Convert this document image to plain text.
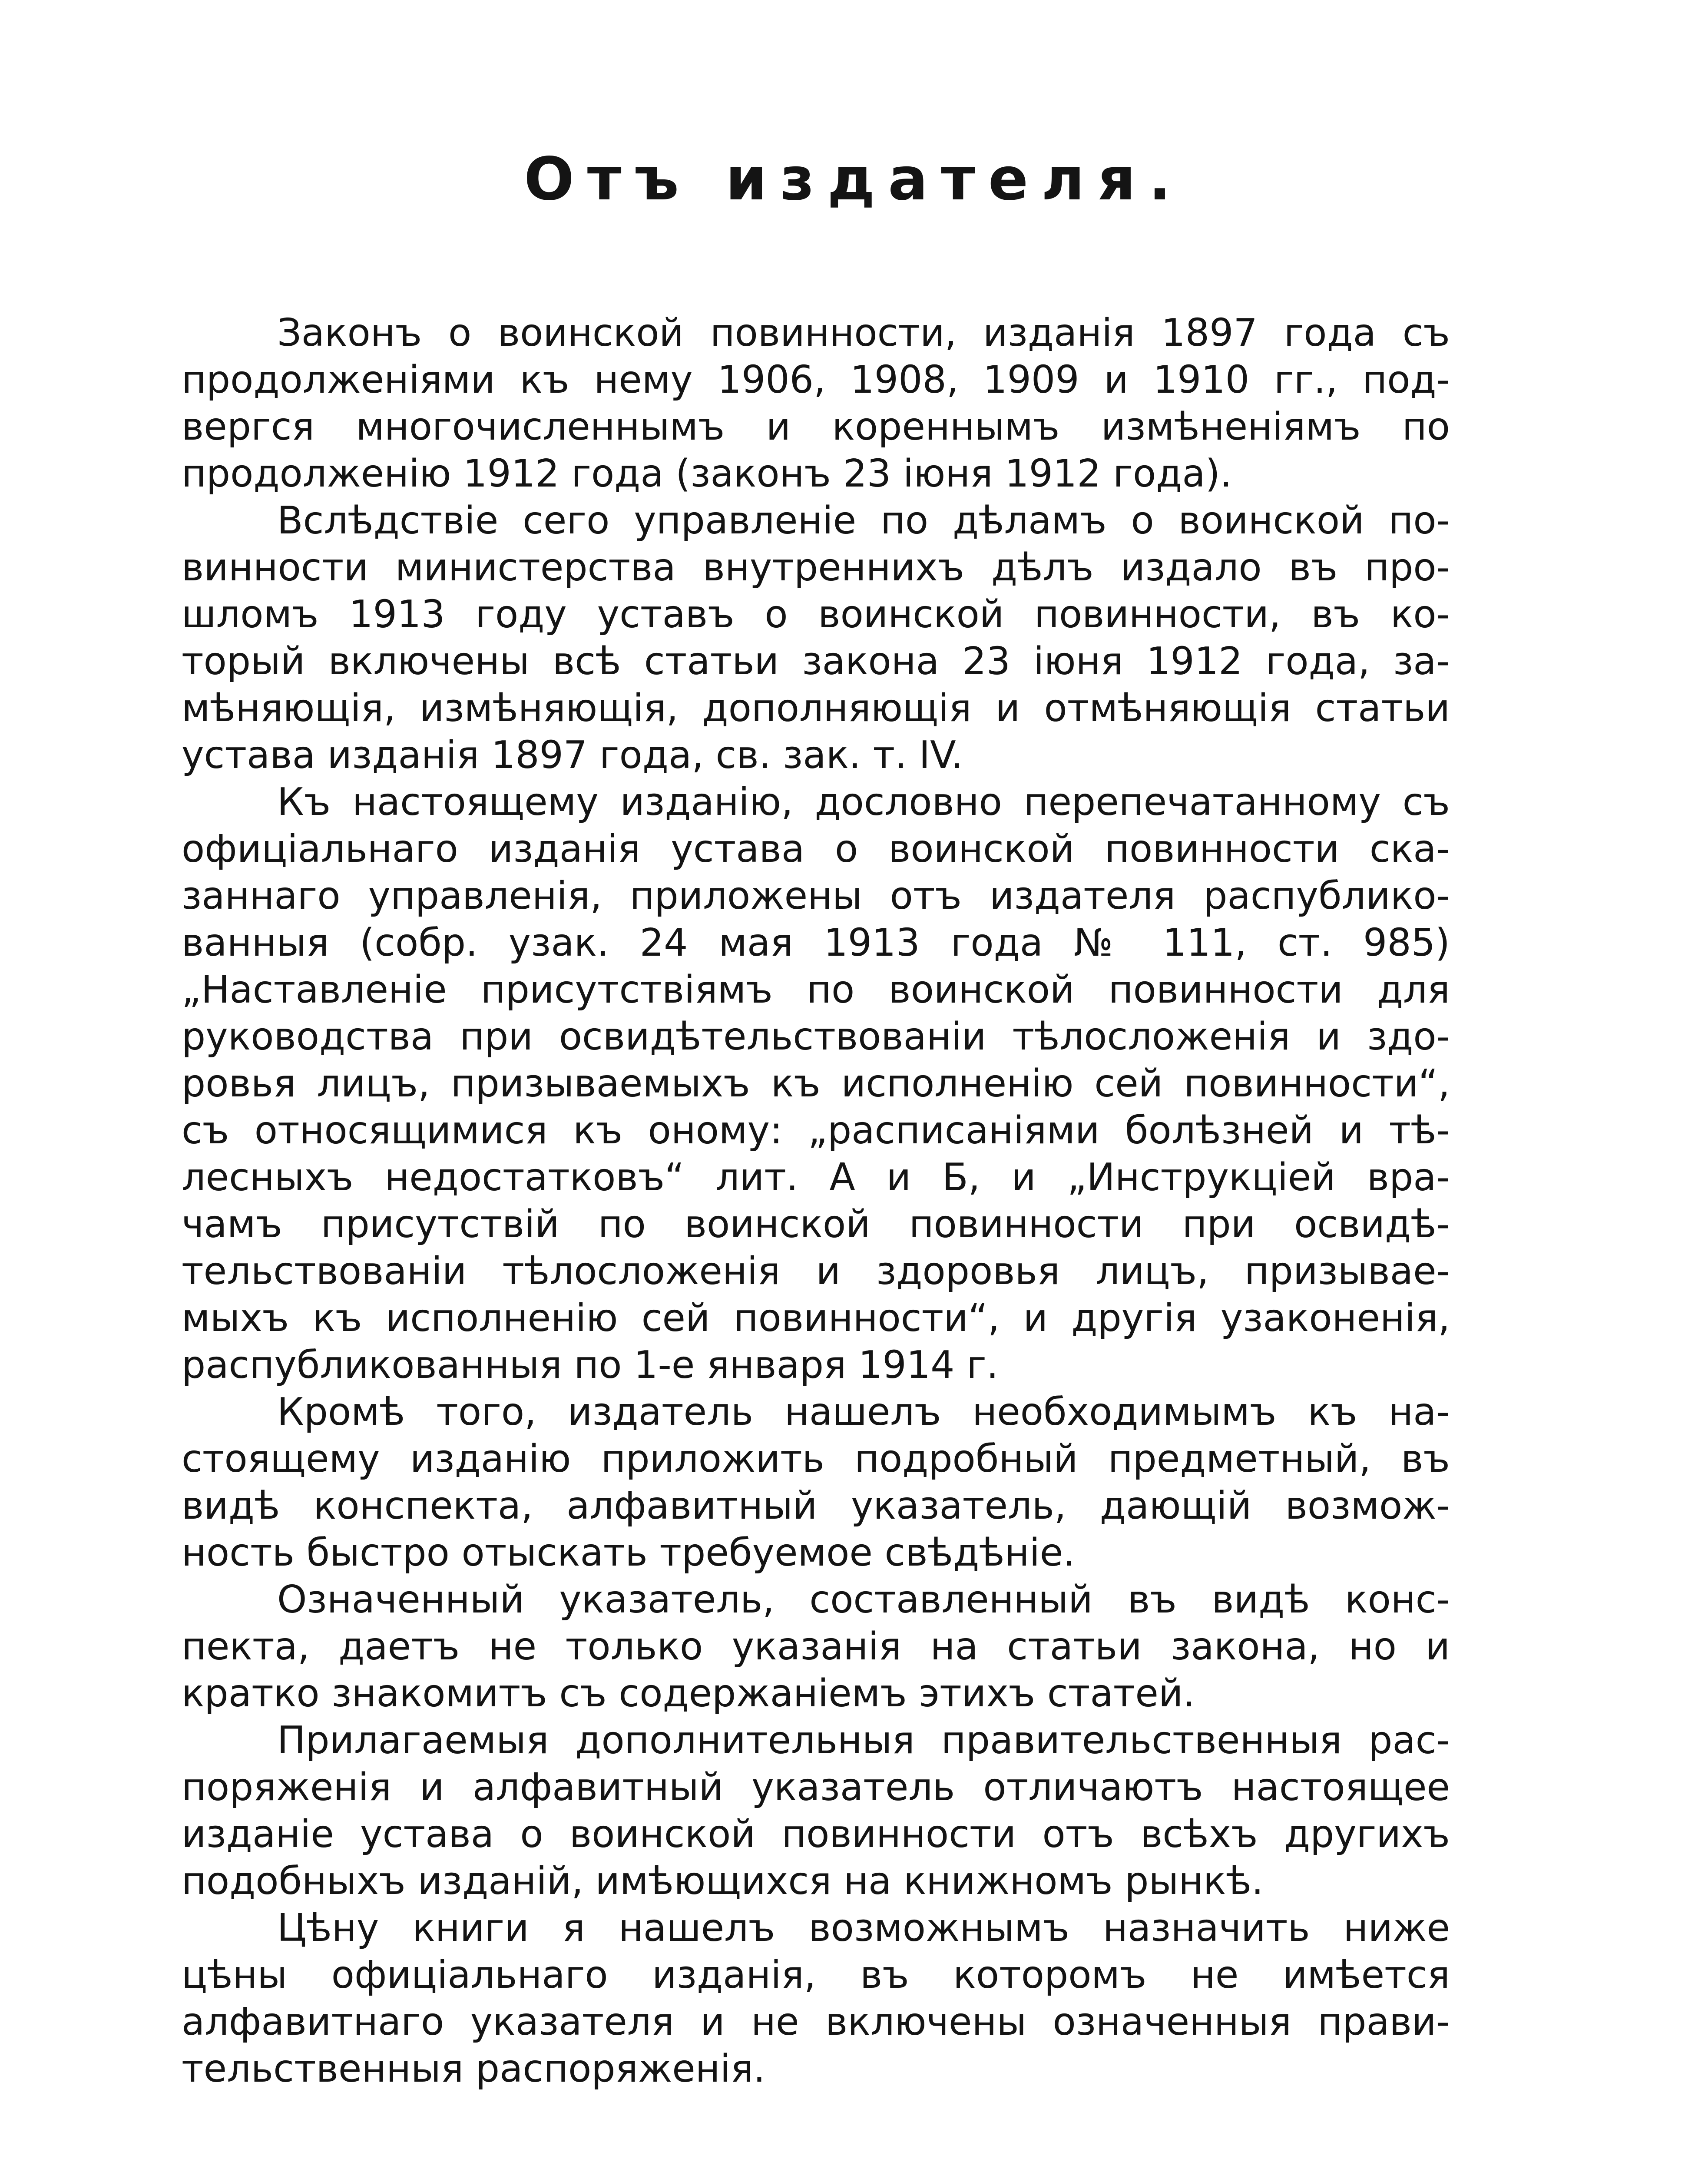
Отъ издателя.
Законъ о воинской повинности, изданія 1897 года съ
продолженіями къ нему 1906, 1908, 1909 и 1910 гг., под-
вергся многочисленнымъ и кореннымъ измѣненіямъ по
продолженію 1912 года (законъ 23 іюня 1912 года).
Вслѣдствіе сего управленіе по дѣламъ о воинской по-
винности министерства внутреннихъ дѣлъ издало въ про-
шломъ 1913 году уставъ о воинской повинности, въ ко-
торый включены всѣ статьи закона 23 іюня 1912 года, за-
мѣняющія, измѣняющія, дополняющія и отмѣняющія статьи
устава изданія 1897 года, св. зак. т. IV.
Къ настоящему изданію, дословно перепечатанному съ
офиціальнаго изданія устава о воинской повинности ска-
заннаго управленія, приложены отъ издателя распублико-
ванныя (собр. узак. 24 мая 1913 года № 111, ст. 985)
„Наставленіе присутствіямъ по воинской повинности для
руководства при освидѣтельствованіи тѣлосложенія и здо-
ровья лицъ, призываемыхъ къ исполненію сей повинности“,
съ относящимися къ оному: „расписаніями болѣзней и тѣ-
лесныхъ недостатковъ“ лит. А и Б, и „Инструкціей вра-
чамъ присутствій по воинской повинности при освидѣ-
тельствованіи тѣлосложенія и здоровья лицъ, призывае-
мыхъ къ исполненію сей повинности“, и другія узаконенія,
распубликованныя по 1-е января 1914 г.
Кромѣ того, издатель нашелъ необходимымъ къ на-
стоящему изданію приложить подробный предметный, въ
видѣ конспекта, алфавитный указатель, дающій возмож-
ность быстро отыскать требуемое свѣдѣніе.
Означенный указатель, составленный въ видѣ конс-
пекта, даетъ не только указанія на статьи закона, но и
кратко знакомитъ съ содержаніемъ этихъ статей.
Прилагаемыя дополнительныя правительственныя рас-
поряженія и алфавитный указатель отличаютъ настоящее
изданіе устава о воинской повинности отъ всѣхъ другихъ
подобныхъ изданій, имѣющихся на книжномъ рынкѣ.
Цѣну книги я нашелъ возможнымъ назначить ниже
цѣны офиціальнаго изданія, въ которомъ не имѣется
алфавитнаго указателя и не включены означенныя прави-
тельственныя распоряженія.
